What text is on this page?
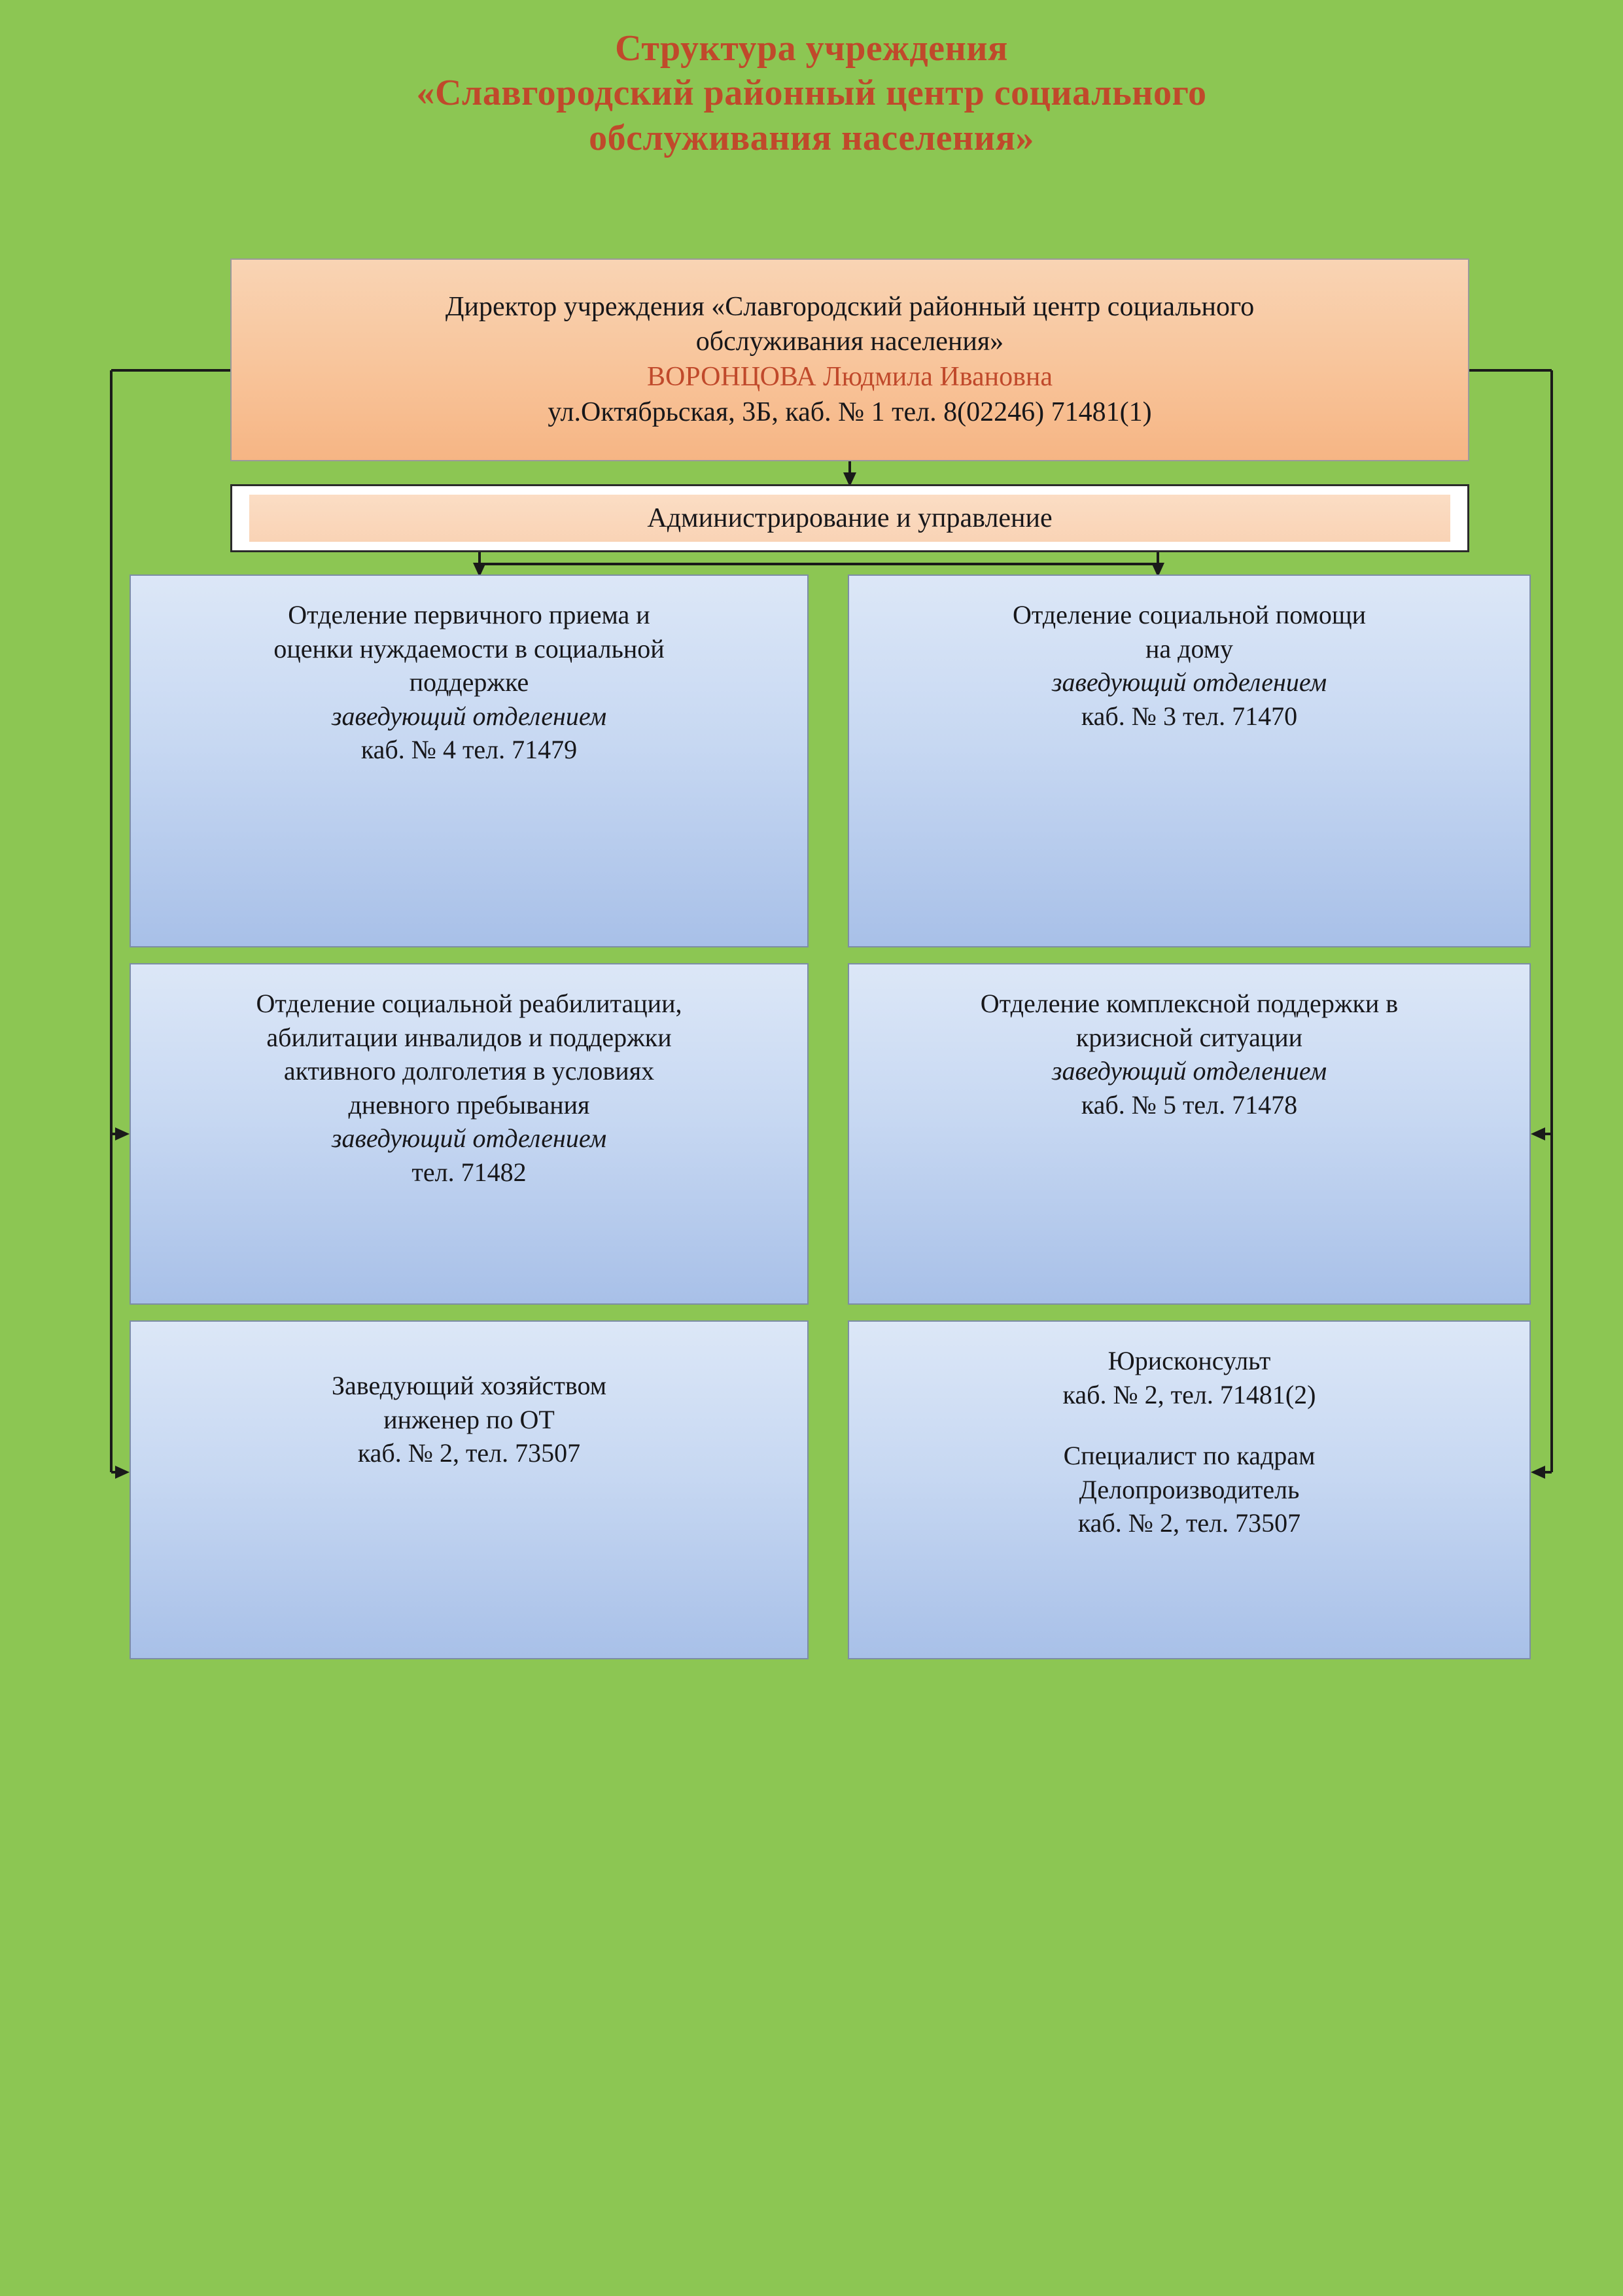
Структура учреждения
«Славгородский районный центр социального
обслуживания населения»
Директор учреждения «Славгородский районный центр социального
обслуживания населения»
ВОРОНЦОВА Людмила Ивановна
ул.Октябрьская, 3Б, каб. № 1 тел. 8(02246) 71481(1)
Администрирование и управление
Отделение первичного приема и
оценки нуждаемости в социальной
поддержке
заведующий отделением
каб. № 4 тел. 71479
Отделение социальной помощи
на дому
заведующий отделением
каб. № 3 тел. 71470
Отделение социальной реабилитации,
абилитации инвалидов и поддержки
активного долголетия в условиях
дневного пребывания
заведующий отделением
тел. 71482
Отделение комплексной поддержки в
кризисной ситуации
заведующий отделением
каб. № 5 тел. 71478
Заведующий хозяйством
инженер по ОТ
каб. № 2, тел. 73507
Юрисконсульт
каб. № 2, тел. 71481(2)
Специалист по кадрам
Делопроизводитель
каб. № 2, тел. 73507
